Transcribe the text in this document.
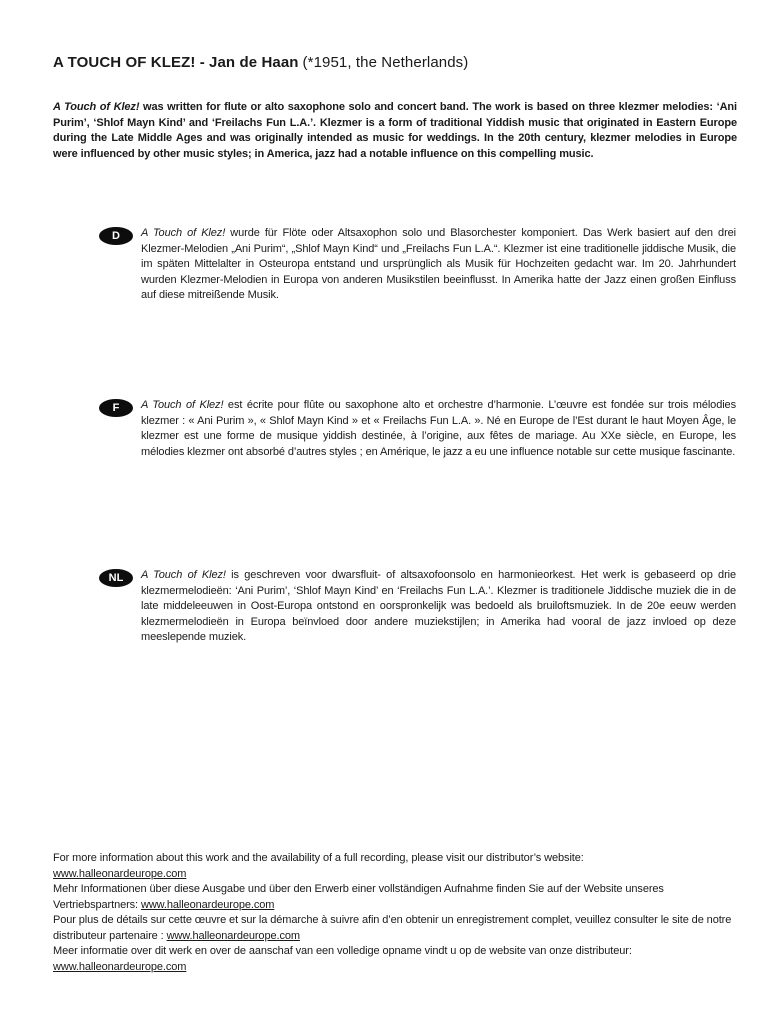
A TOUCH OF KLEZ! - Jan de Haan (*1951, the Netherlands)

A Touch of Klez! was written for flute or alto saxophone solo and concert band. The work is based on three klezmer melodies: ‘Ani Purim’, ‘Shlof Mayn Kind’ and ‘Freilachs Fun L.A.’. Klezmer is a form of traditional Yiddish music that originated in Eastern Europe during the Late Middle Ages and was originally intended as music for weddings. In the 20th century, klezmer melodies in Europe were influenced by other music styles; in America, jazz had a notable influence on this compelling music.

D	A Touch of Klez! wurde für Flöte oder Altsaxophon solo und Blasorchester komponiert. Das Werk basiert auf den drei Klezmer-Melodien „Ani Purim“, „Shlof Mayn Kind“ und „Freilachs Fun L.A.“. Klezmer ist eine traditionelle jiddische Musik, die im späten Mittelalter in Osteuropa entstand und ursprünglich als Musik für Hochzeiten gedacht war. Im 20. Jahrhundert wurden Klezmer-Melodien in Europa von anderen Musikstilen beeinflusst. In Amerika hatte der Jazz einen großen Einfluss auf diese mitreißende Musik.

F	A Touch of Klez! est écrite pour flûte ou saxophone alto et orchestre d’harmonie. L’œuvre est fondée sur trois mélodies klezmer : « Ani Purim », « Shlof Mayn Kind » et « Freilachs Fun L.A. ». Né en Europe de l’Est durant le haut Moyen Âge, le klezmer est une forme de musique yiddish destinée, à l’origine, aux fêtes de mariage. Au XXe siècle, en Europe, les mélodies klezmer ont absorbé d’autres styles ; en Amérique, le jazz a eu une influence notable sur cette musique fascinante.

NL	A Touch of Klez! is geschreven voor dwarsfluit- of altsaxofoonsolo en harmonieorkest. Het werk is gebaseerd op drie klezmermelodieën: ‘Ani Purim’, ‘Shlof Mayn Kind’ en ‘Freilachs Fun L.A.’. Klezmer is traditionele Jiddische muziek die in de late middeleeuwen in Oost-Europa ontstond en oorspronkelijk was bedoeld als bruiloftsmuziek. In de 20e eeuw werden klezmermelodieën in Europa beïnvloed door andere muziekstijlen; in Amerika had vooral de jazz invloed op deze meeslepende muziek.

For more information about this work and the availability of a full recording, please visit our distributor’s website:
www.halleonardeurope.com

Mehr Informationen über diese Ausgabe und über den Erwerb einer vollständigen Aufnahme finden Sie auf der Website unseres Vertriebspartners: www.halleonardeurope.com

Pour plus de détails sur cette œuvre et sur la démarche à suivre afin d’en obtenir un enregistrement complet, veuillez consulter le site de notre distributeur partenaire : www.halleonardeurope.com

Meer informatie over dit werk en over de aanschaf van een volledige opname vindt u op de website van onze distributeur:
www.halleonardeurope.com
